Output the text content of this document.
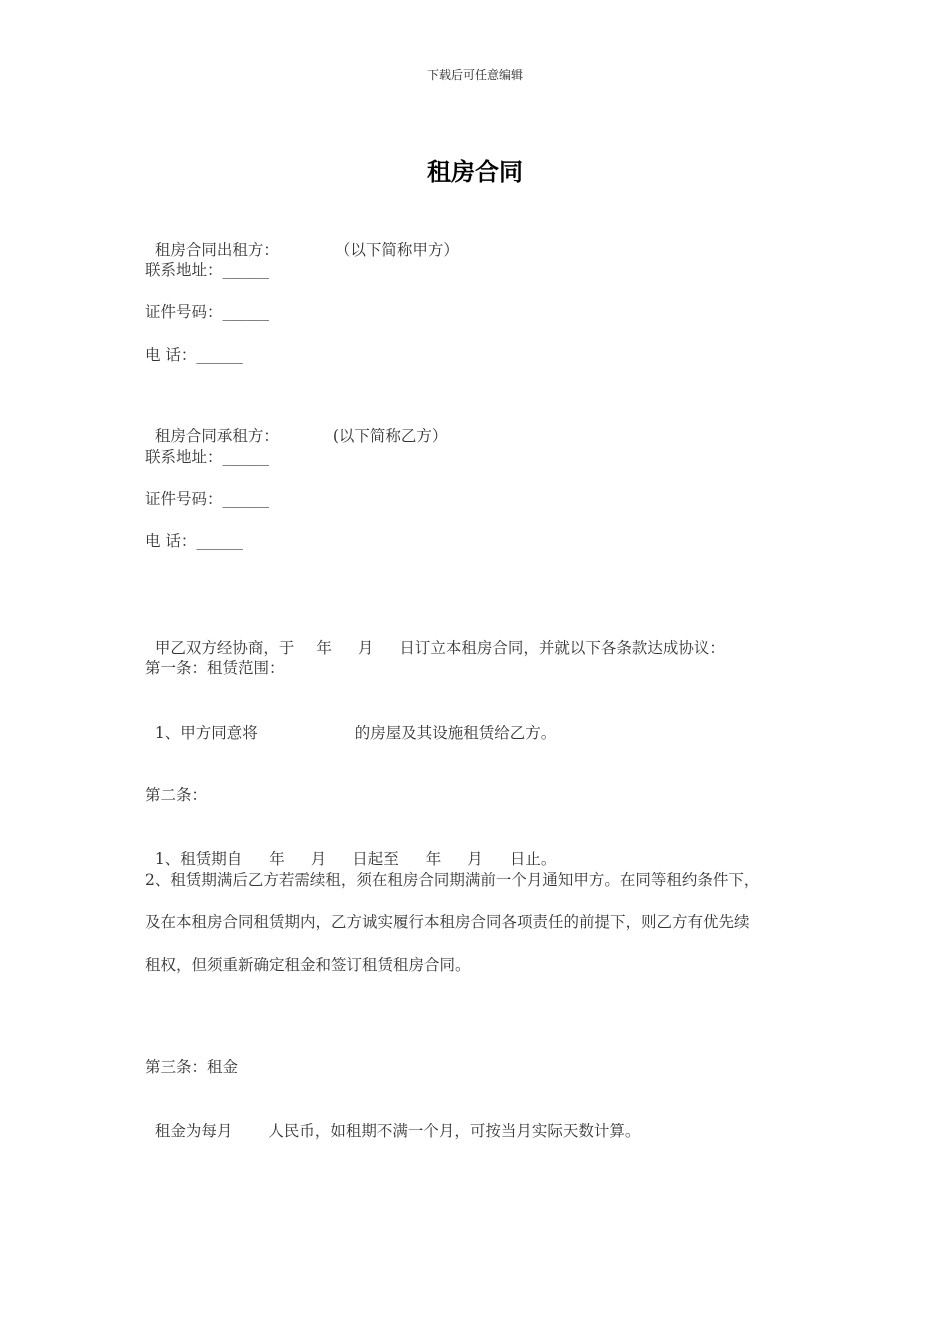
下载后可任意编辑
租房合同

租房合同出租方：	（以下简称甲方）

联系地址：______
证件号码：______
电 话：______

租房合同承租方：	(以下简称乙方）

联系地址：______
证件号码：______
电 话：______

甲乙双方经协商，于 年 月 日订立本租房合同，并就以下各条款达成协议：

第一条：租赁范围：

1、甲方同意将	的房屋及其设施租赁给乙方。

第二条：

1、租赁期自 年 月 日起至 年 月 日止。

2、租赁期满后乙方若需续租，须在租房合同期满前一个月通知甲方。在同等租约条件下，
及在本租房合同租赁期内，乙方诚实履行本租房合同各项责任的前提下，则乙方有优先续
租权，但须重新确定租金和签订租赁租房合同。
第三条：租金

租金为每月 人民币，如租期不满一个月，可按当月实际天数计算。
